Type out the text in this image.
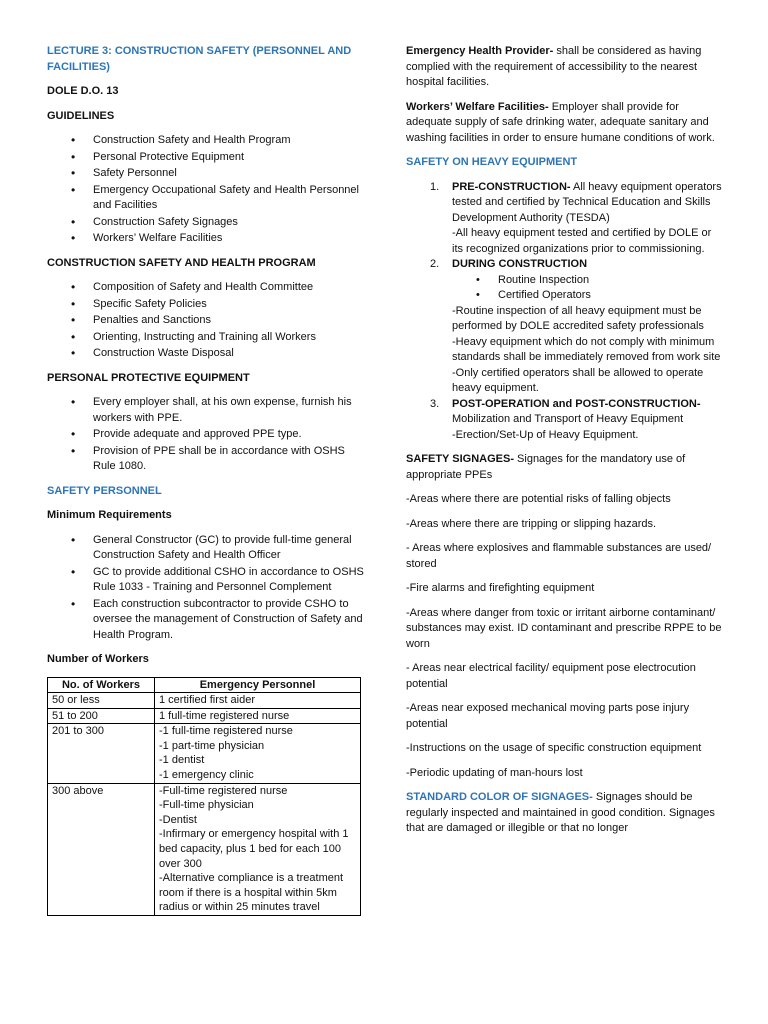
LECTURE 3: CONSTRUCTION SAFETY (PERSONNEL AND FACILITIES)

DOLE D.O. 13

GUIDELINES

• Construction Safety and Health Program
• Personal Protective Equipment
• Safety Personnel
• Emergency Occupational Safety and Health Personnel and Facilities
• Construction Safety Signages
• Workers’ Welfare Facilities

CONSTRUCTION SAFETY AND HEALTH PROGRAM

• Composition of Safety and Health Committee
• Specific Safety Policies
• Penalties and Sanctions
• Orienting, Instructing and Training all Workers
• Construction Waste Disposal

PERSONAL PROTECTIVE EQUIPMENT

• Every employer shall, at his own expense, furnish his workers with PPE.
• Provide adequate and approved PPE type.
• Provision of PPE shall be in accordance with OSHS Rule 1080.

SAFETY PERSONNEL

Minimum Requirements

• General Constructor (GC) to provide full-time general Construction Safety and Health Officer
• GC to provide additional CSHO in accordance to OSHS Rule 1033 - Training and Personnel Complement
• Each construction subcontractor to provide CSHO to oversee the management of Construction of Safety and Health Program.

Number of Workers

No. of Workers	Emergency Personnel
50 or less	1 certified first aider
51 to 200	1 full-time registered nurse
201 to 300	-1 full-time registered nurse
-1 part-time physician
-1 dentist
-1 emergency clinic
300 above	-Full-time registered nurse
-Full-time physician
-Dentist
-Infirmary or emergency hospital with 1 bed capacity, plus 1 bed for each 100 over 300
-Alternative compliance is a treatment room if there is a hospital within 5km radius or within 25 minutes travel

Emergency Health Provider- shall be considered as having complied with the requirement of accessibility to the nearest hospital facilities.

Workers’ Welfare Facilities- Employer shall provide for adequate supply of safe drinking water, adequate sanitary and washing facilities in order to ensure humane conditions of work.

SAFETY ON HEAVY EQUIPMENT

1. PRE-CONSTRUCTION- All heavy equipment operators tested and certified by Technical Education and Skills Development Authority (TESDA)

-All heavy equipment tested and certified by DOLE or its recognized organizations prior to commissioning.

2. DURING CONSTRUCTION
• Routine Inspection
• Certified Operators

-Routine inspection of all heavy equipment must be performed by DOLE accredited safety professionals
-Heavy equipment which do not comply with minimum standards shall be immediately removed from work site
-Only certified operators shall be allowed to operate heavy equipment.

3. POST-OPERATION and POST-CONSTRUCTION-

Mobilization and Transport of Heavy Equipment
-Erection/Set-Up of Heavy Equipment.

SAFETY SIGNAGES- Signages for the mandatory use of appropriate PPEs

-Areas where there are potential risks of falling objects

-Areas where there are tripping or slipping hazards.

- Areas where explosives and flammable substances are used/ stored

-Fire alarms and firefighting equipment

-Areas where danger from toxic or irritant airborne contaminant/ substances may exist. ID contaminant and prescribe RPPE to be worn

- Areas near electrical facility/ equipment pose electrocution potential

-Areas near exposed mechanical moving parts pose injury potential

-Instructions on the usage of specific construction equipment

-Periodic updating of man-hours lost

STANDARD COLOR OF SIGNAGES- Signages should be regularly inspected and maintained in good condition. Signages that are damaged or illegible or that no longer
